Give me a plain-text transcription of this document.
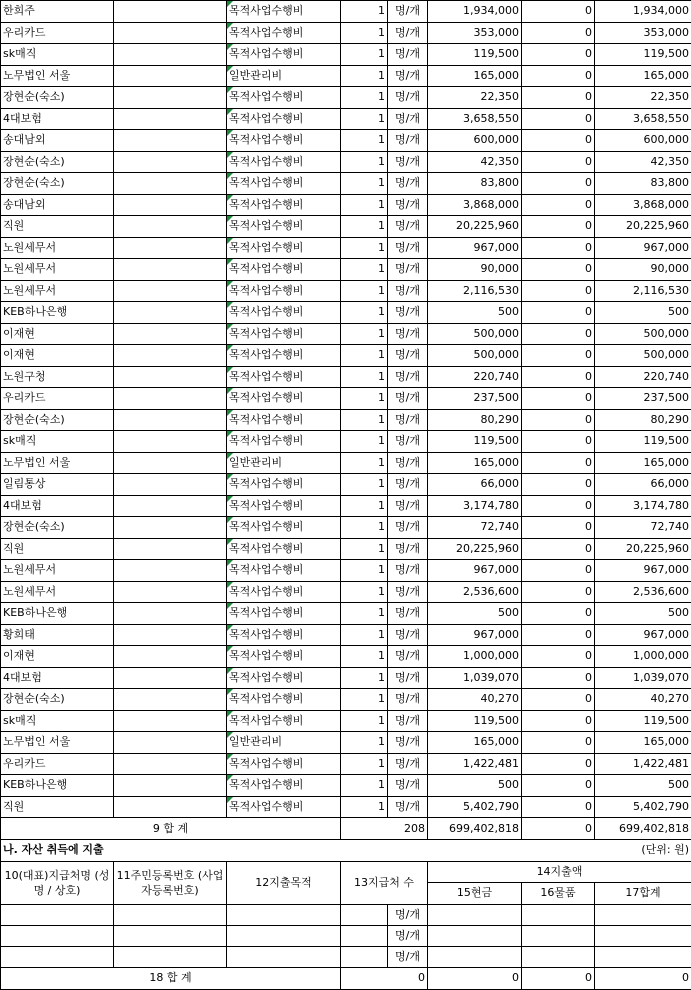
한희주		목적사업수행비	1	명/개	1,934,000	0	1,934,000
우리카드		목적사업수행비	1	명/개	353,000	0	353,000
sk매직		목적사업수행비	1	명/개	119,500	0	119,500
노무법인 서울		일반관리비	1	명/개	165,000	0	165,000
장현순(숙소)		목적사업수행비	1	명/개	22,350	0	22,350
4대보험		목적사업수행비	1	명/개	3,658,550	0	3,658,550
송대남외		목적사업수행비	1	명/개	600,000	0	600,000
장현순(숙소)		목적사업수행비	1	명/개	42,350	0	42,350
장현순(숙소)		목적사업수행비	1	명/개	83,800	0	83,800
송대남외		목적사업수행비	1	명/개	3,868,000	0	3,868,000
직원		목적사업수행비	1	명/개	20,225,960	0	20,225,960
노원세무서		목적사업수행비	1	명/개	967,000	0	967,000
노원세무서		목적사업수행비	1	명/개	90,000	0	90,000
노원세무서		목적사업수행비	1	명/개	2,116,530	0	2,116,530
KEB하나은행		목적사업수행비	1	명/개	500	0	500
이재현		목적사업수행비	1	명/개	500,000	0	500,000
이재현		목적사업수행비	1	명/개	500,000	0	500,000
노원구청		목적사업수행비	1	명/개	220,740	0	220,740
우리카드		목적사업수행비	1	명/개	237,500	0	237,500
장현순(숙소)		목적사업수행비	1	명/개	80,290	0	80,290
sk매직		목적사업수행비	1	명/개	119,500	0	119,500
노무법인 서울		일반관리비	1	명/개	165,000	0	165,000
일림통상		목적사업수행비	1	명/개	66,000	0	66,000
4대보험		목적사업수행비	1	명/개	3,174,780	0	3,174,780
장현순(숙소)		목적사업수행비	1	명/개	72,740	0	72,740
직원		목적사업수행비	1	명/개	20,225,960	0	20,225,960
노원세무서		목적사업수행비	1	명/개	967,000	0	967,000
노원세무서		목적사업수행비	1	명/개	2,536,600	0	2,536,600
KEB하나은행		목적사업수행비	1	명/개	500	0	500
황희태		목적사업수행비	1	명/개	967,000	0	967,000
이재현		목적사업수행비	1	명/개	1,000,000	0	1,000,000
4대보험		목적사업수행비	1	명/개	1,039,070	0	1,039,070
장현순(숙소)		목적사업수행비	1	명/개	40,270	0	40,270
sk매직		목적사업수행비	1	명/개	119,500	0	119,500
노무법인 서울		일반관리비	1	명/개	165,000	0	165,000
우리카드		목적사업수행비	1	명/개	1,422,481	0	1,422,481
KEB하나은행		목적사업수행비	1	명/개	500	0	500
직원		목적사업수행비	1	명/개	5,402,790	0	5,402,790
9 합 계			208		699,402,818	0	699,402,818
나. 자산 취득에 지출				(단위: 원)			
10(대표)지급처명 (성명 / 상호)	11주민등록번호 (사업자등록번호)	12지출목적	13지급처 수		14지출액		
					15현금	16물품	17합계
				명/개			
				명/개			
				명/개			
18 합 계			0		0	0	0
